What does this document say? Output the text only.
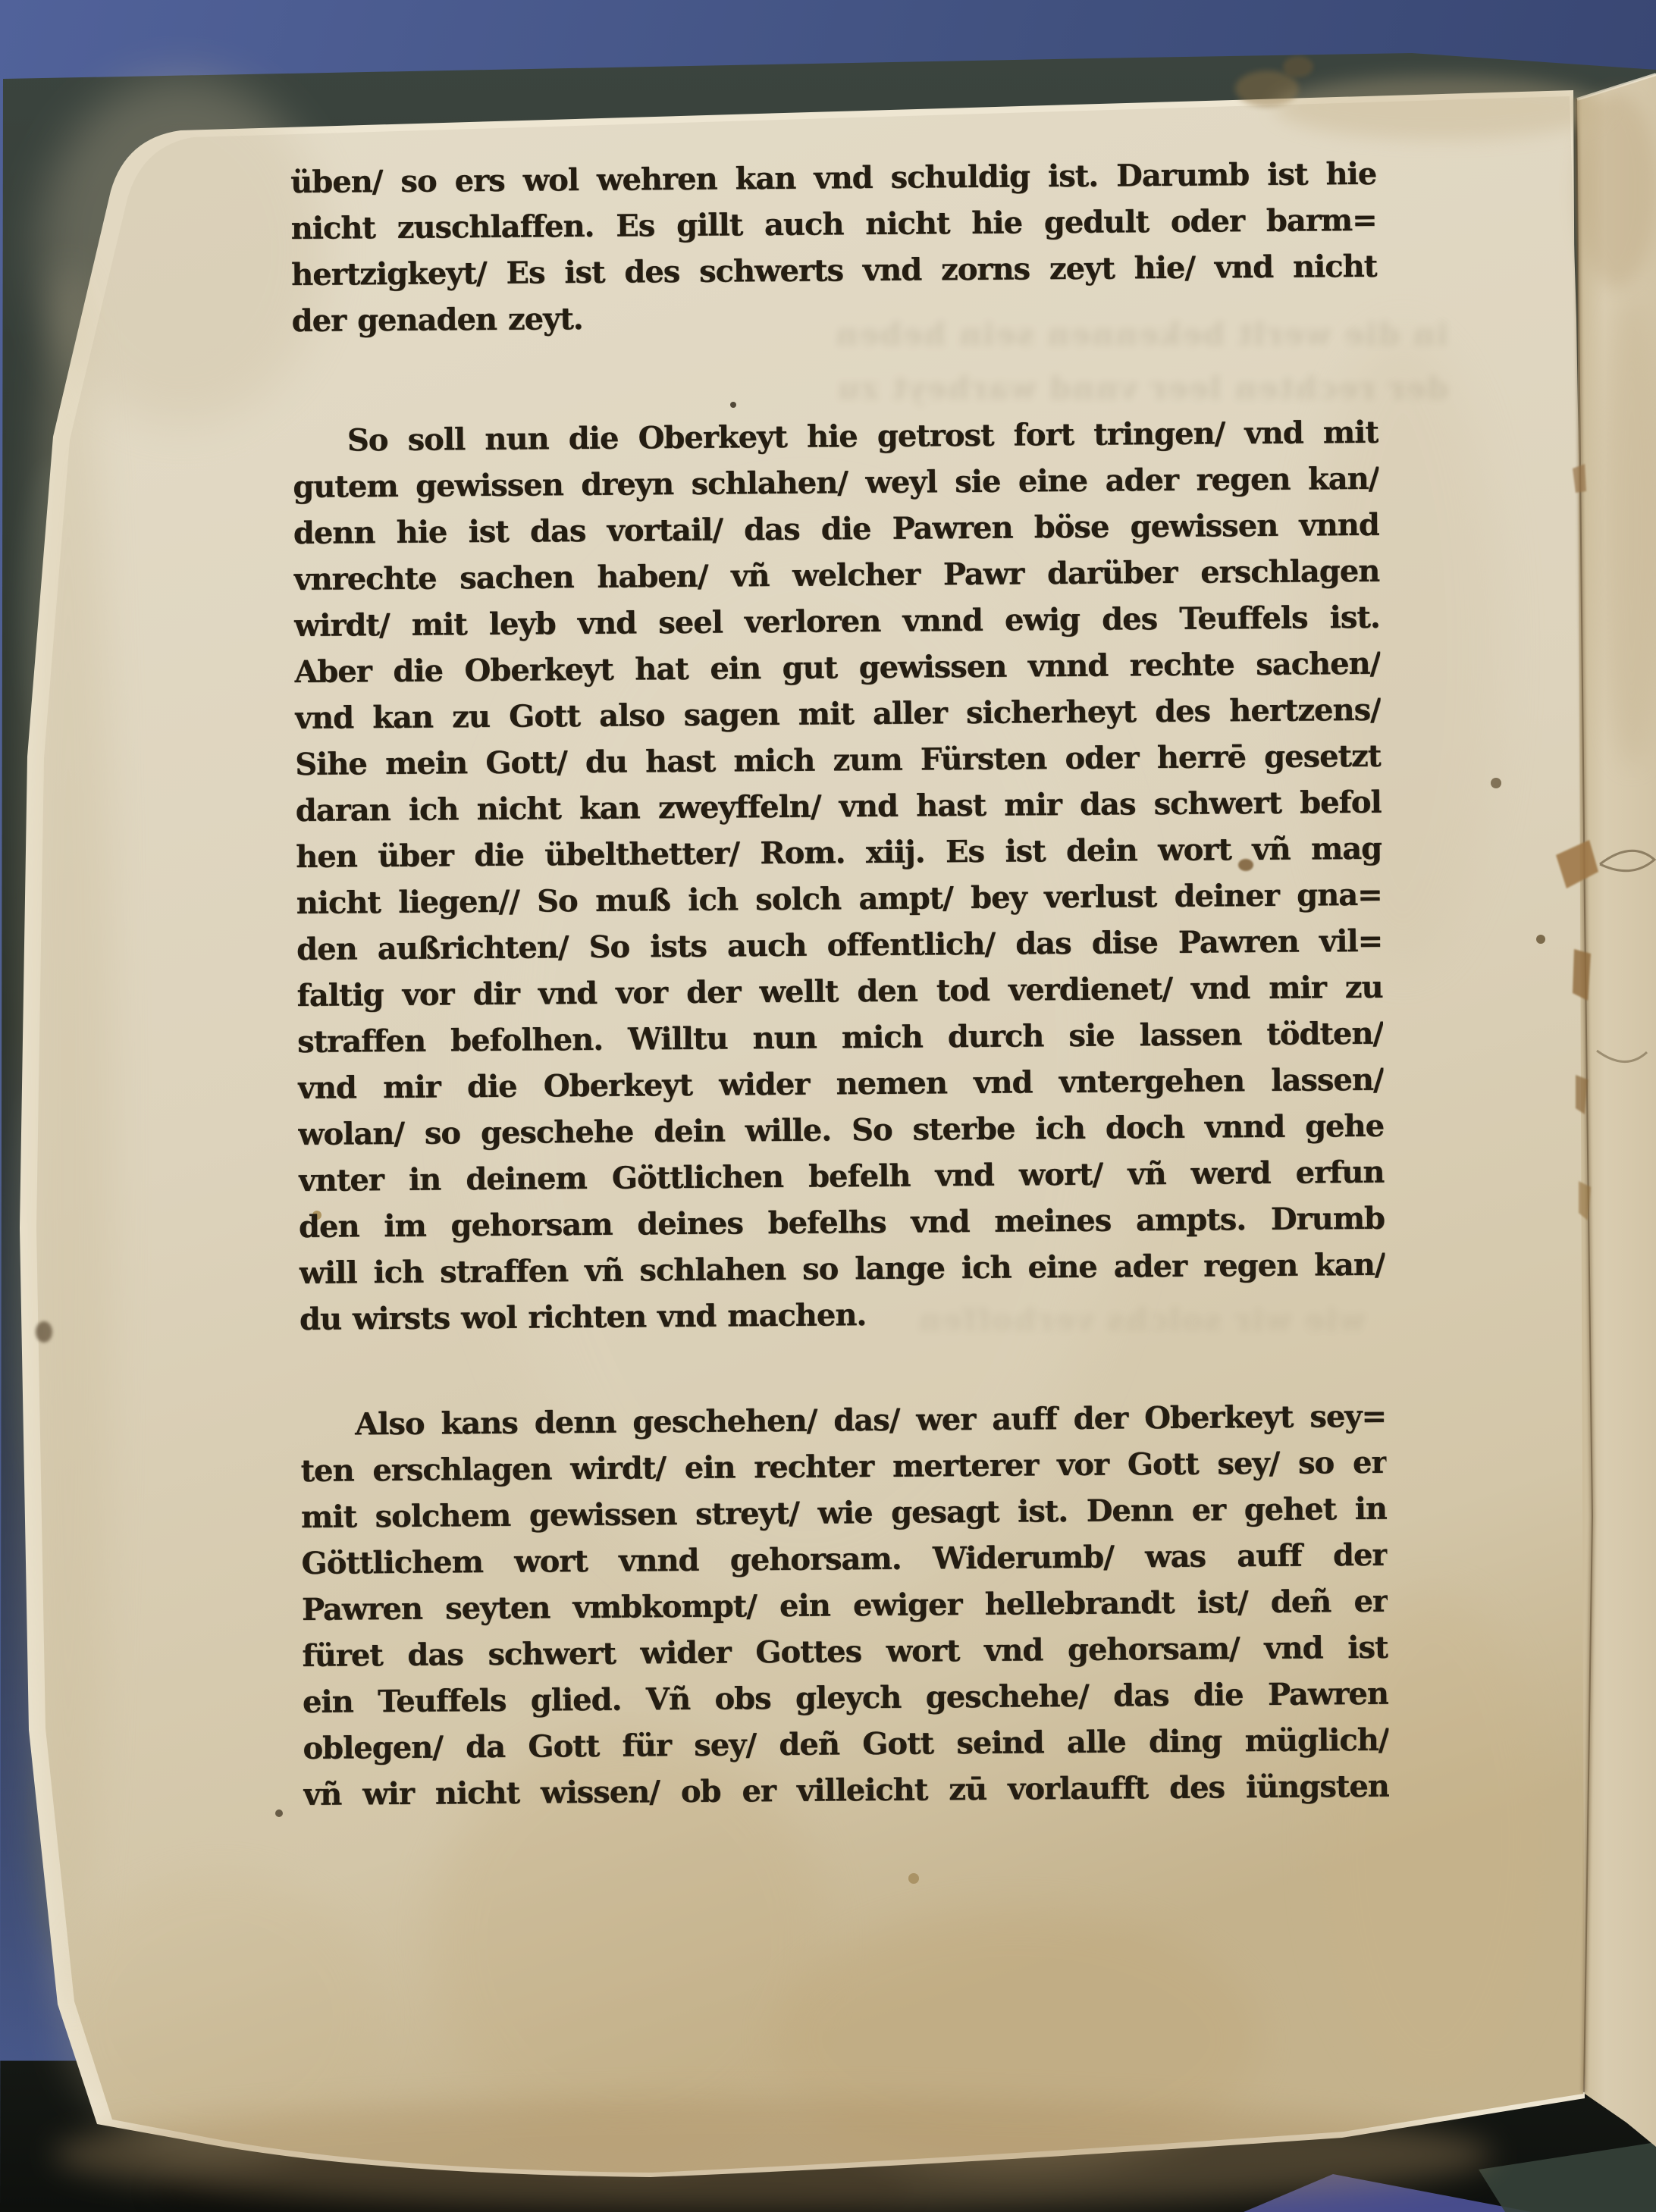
in die werlt bekennen sein heben
der rechten leer vnnd warheyt zu
wie wir solchs verhoffen
üben/ so ers wol wehren kan vnd schuldig ist. Darumb ist hie
nicht zuschlaffen. Es gillt auch nicht hie gedult oder barm=
hertzigkeyt/ Es ist des schwerts vnd zorns zeyt hie/ vnd nicht
der genaden zeyt.
So soll nun die Oberkeyt hie getrost fort tringen/ vnd mit
gutem gewissen dreyn schlahen/ weyl sie eine ader regen kan/
denn hie ist das vortail/ das die Pawren böse gewissen vnnd
vnrechte sachen haben/ vñ welcher Pawr darüber erschlagen
wirdt/ mit leyb vnd seel verloren vnnd ewig des Teuffels ist.
Aber die Oberkeyt hat ein gut gewissen vnnd rechte sachen/
vnd kan zu Gott also sagen mit aller sicherheyt des hertzens/
Sihe mein Gott/ du hast mich zum Fürsten oder herrē gesetzt
daran ich nicht kan zweyffeln/ vnd hast mir das schwert befol
hen über die übelthetter/ Rom. xiij. Es ist dein wort vñ mag
nicht liegen// So muß ich solch ampt/ bey verlust deiner gna=
den außrichten/ So ists auch offentlich/ das dise Pawren vil=
faltig vor dir vnd vor der wellt den tod verdienet/ vnd mir zu
straffen befolhen. Willtu nun mich durch sie lassen tödten/
vnd mir die Oberkeyt wider nemen vnd vntergehen lassen/
wolan/ so geschehe dein wille. So sterbe ich doch vnnd gehe
vnter in deinem Göttlichen befelh vnd wort/ vñ werd erfun
den im gehorsam deines befelhs vnd meines ampts. Drumb
will ich straffen vñ schlahen so lange ich eine ader regen kan/
du wirsts wol richten vnd machen.
Also kans denn geschehen/ das/ wer auff der Oberkeyt sey=
ten erschlagen wirdt/ ein rechter merterer vor Gott sey/ so er
mit solchem gewissen streyt/ wie gesagt ist. Denn er gehet in
Göttlichem wort vnnd gehorsam. Widerumb/ was auff der
Pawren seyten vmbkompt/ ein ewiger hellebrandt ist/ deñ er
füret das schwert wider Gottes wort vnd gehorsam/ vnd ist
ein Teuffels glied. Vñ obs gleych geschehe/ das die Pawren
oblegen/ da Gott für sey/ deñ Gott seind alle ding müglich/
vñ wir nicht wissen/ ob er villeicht zū vorlaufft des iüngsten
